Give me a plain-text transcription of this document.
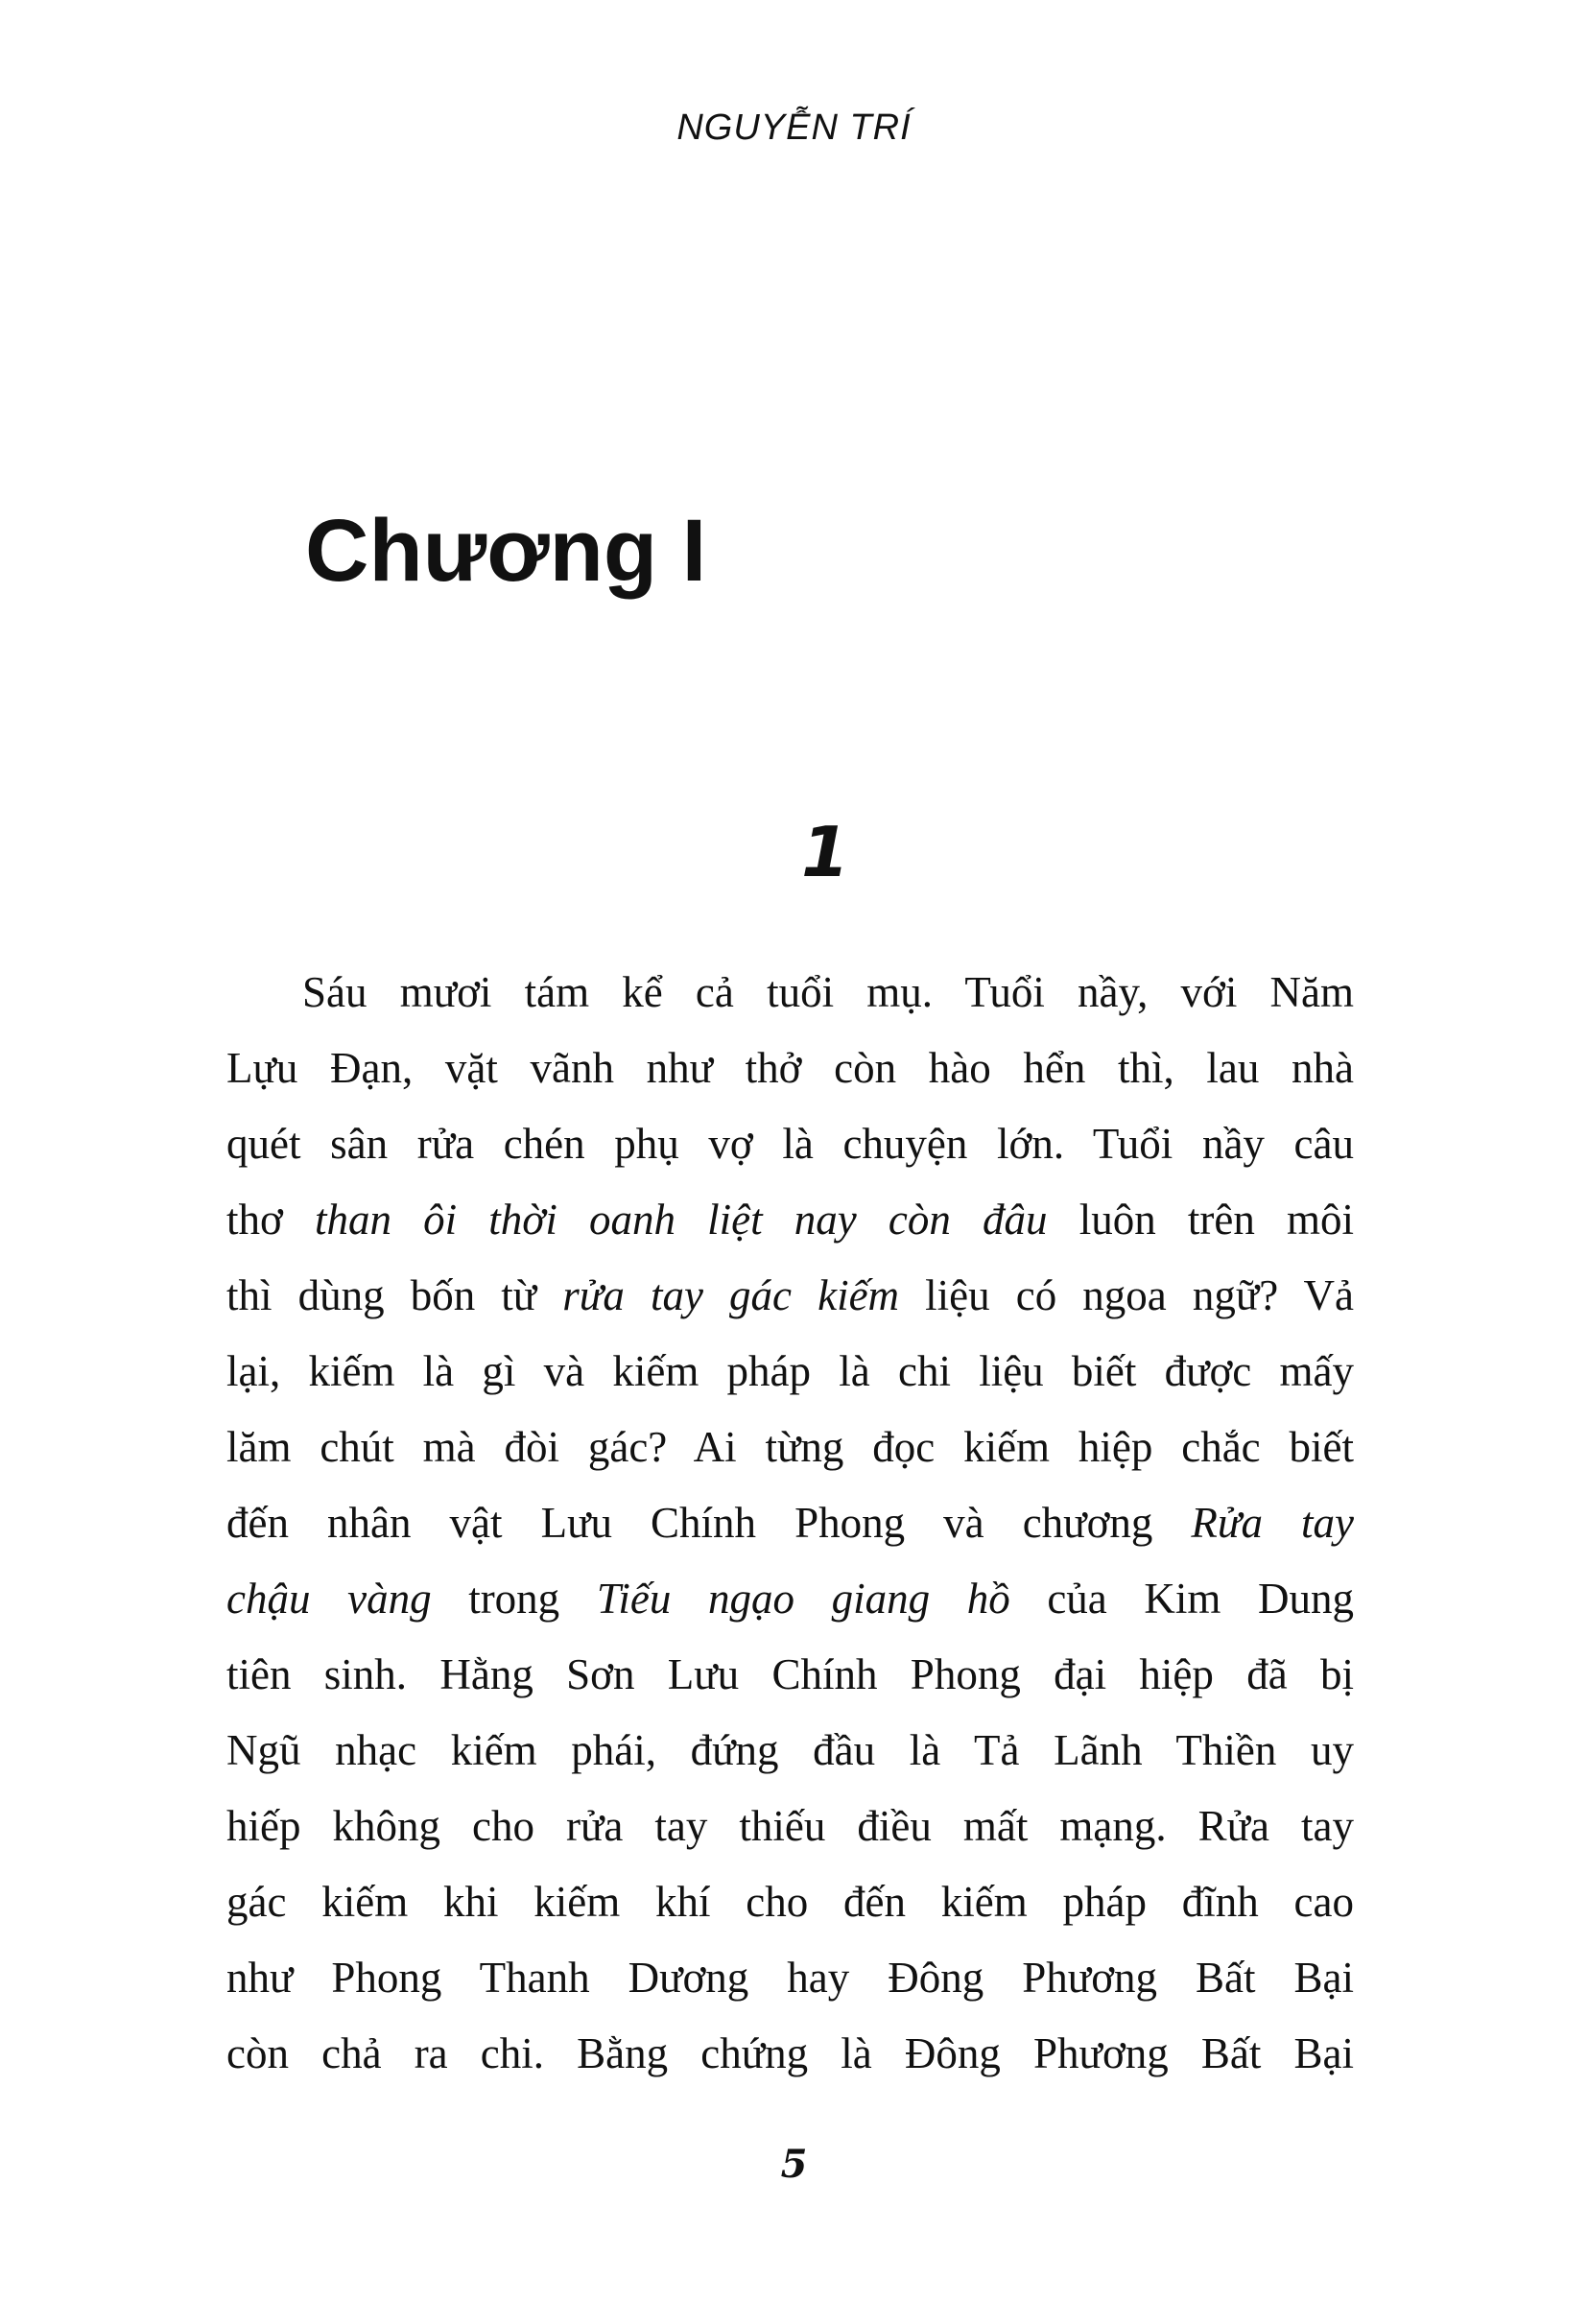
NGUYỄN TRÍ
Chương I
1
Sáu mươi tám kể cả tuổi mụ. Tuổi nầy, với Năm
Lựu Đạn, vặt vãnh như thở còn hào hển thì, lau nhà
quét sân rửa chén phụ vợ là chuyện lớn. Tuổi nầy câu
thơ than ôi thời oanh liệt nay còn đâu luôn trên môi
thì dùng bốn từ rửa tay gác kiếm liệu có ngoa ngữ? Vả
lại, kiếm là gì và kiếm pháp là chi liệu biết được mấy
lăm chút mà đòi gác? Ai từng đọc kiếm hiệp chắc biết
đến nhân vật Lưu Chính Phong và chương Rửa tay
chậu vàng trong Tiếu ngạo giang hồ của Kim Dung
tiên sinh. Hằng Sơn Lưu Chính Phong đại hiệp đã bị
Ngũ nhạc kiếm phái, đứng đầu là Tả Lãnh Thiền uy
hiếp không cho rửa tay thiếu điều mất mạng. Rửa tay
gác kiếm khi kiếm khí cho đến kiếm pháp đĩnh cao
như Phong Thanh Dương hay Đông Phương Bất Bại
còn chả ra chi. Bằng chứng là Đông Phương Bất Bại
5
